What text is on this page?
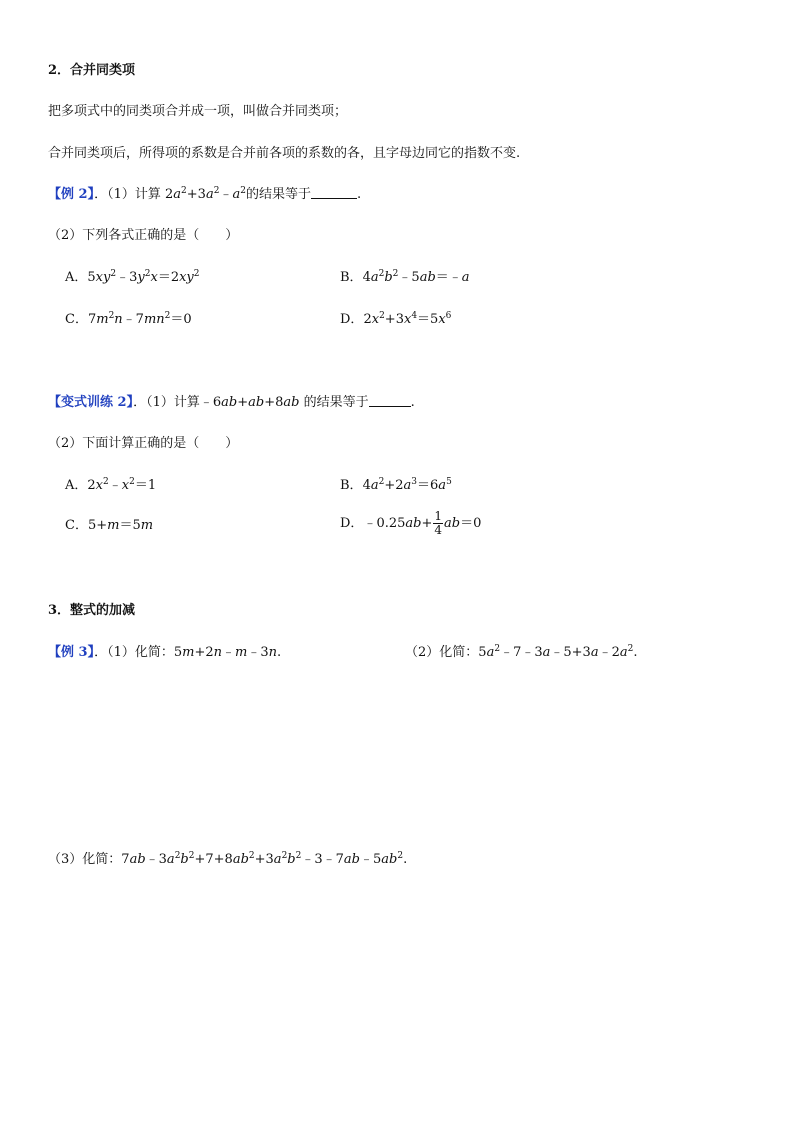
2．合并同类项
把多项式中的同类项合并成一项，叫做合并同类项；
合并同类项后，所得项的系数是合并前各项的系数的各，且字母边同它的指数不变.
【例 2】．（1）计算 $2a^2+3a^2﹣a^2$的结果等于	.
（2）下列各式正确的是（　　）
A．$5xy^2﹣3y^2x=2xy^2$	B．$4a^2b^2﹣5ab=﹣a$
C．$7m^2n﹣7mn^2=0$	D．$2x^2+3x^4=5x^6$
【变式训练 2】．（1）计算﹣6ab+ab+8ab 的结果等于	.
（2）下面计算正确的是（　　）
A．$2x^2﹣x^2=1$	B．$4a^2+2a^3=6a^5$
C．5+m＝5m	D．﹣0.25ab+ $\frac{1}{4} ab=0$
3．整式的加减
【例 3】．（1）化简：5m+2n﹣m﹣3n.	（2）化简：$5a^2﹣7﹣3a﹣5+3a﹣2a^2$.
（3）化简：$7ab﹣3a^2b^2+7+8ab^2+3a^2b^2﹣3﹣7ab﹣5ab^2$.
